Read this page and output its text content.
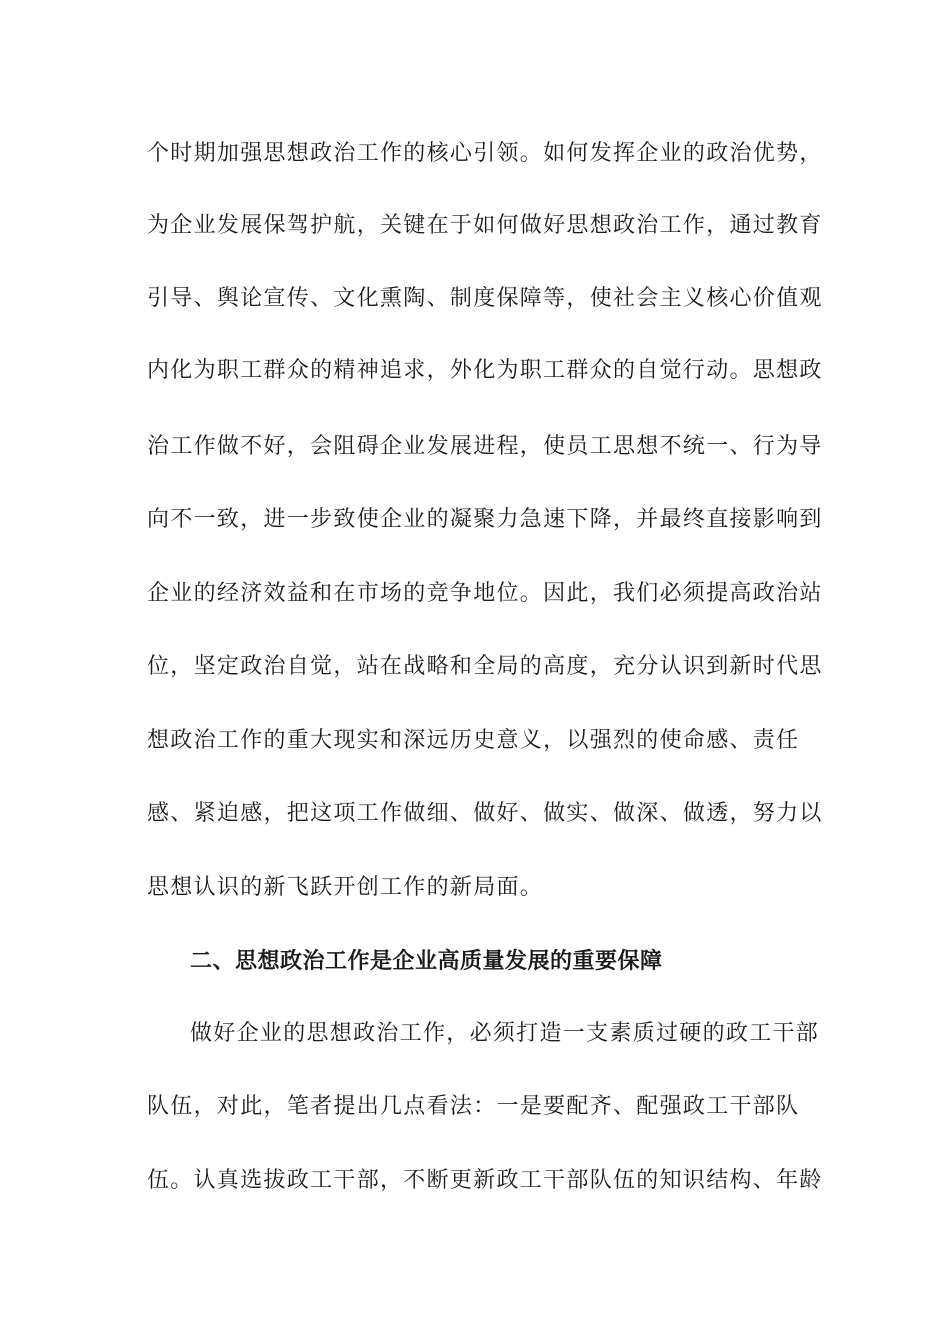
个时期加强思想政治工作的核心引领。如何发挥企业的政治优势，
为企业发展保驾护航，关键在于如何做好思想政治工作，通过教育
引导、舆论宣传、文化熏陶、制度保障等，使社会主义核心价值观
内化为职工群众的精神追求，外化为职工群众的自觉行动。思想政
治工作做不好，会阻碍企业发展进程，使员工思想不统一、行为导
向不一致，进一步致使企业的凝聚力急速下降，并最终直接影响到
企业的经济效益和在市场的竞争地位。因此，我们必须提高政治站
位，坚定政治自觉，站在战略和全局的高度，充分认识到新时代思
想政治工作的重大现实和深远历史意义，以强烈的使命感、责任
感、紧迫感，把这项工作做细、做好、做实、做深、做透，努力以
思想认识的新飞跃开创工作的新局面。
二、思想政治工作是企业高质量发展的重要保障
做好企业的思想政治工作，必须打造一支素质过硬的政工干部
队伍，对此，笔者提出几点看法：一是要配齐、配强政工干部队
伍。认真选拔政工干部，不断更新政工干部队伍的知识结构、年龄
